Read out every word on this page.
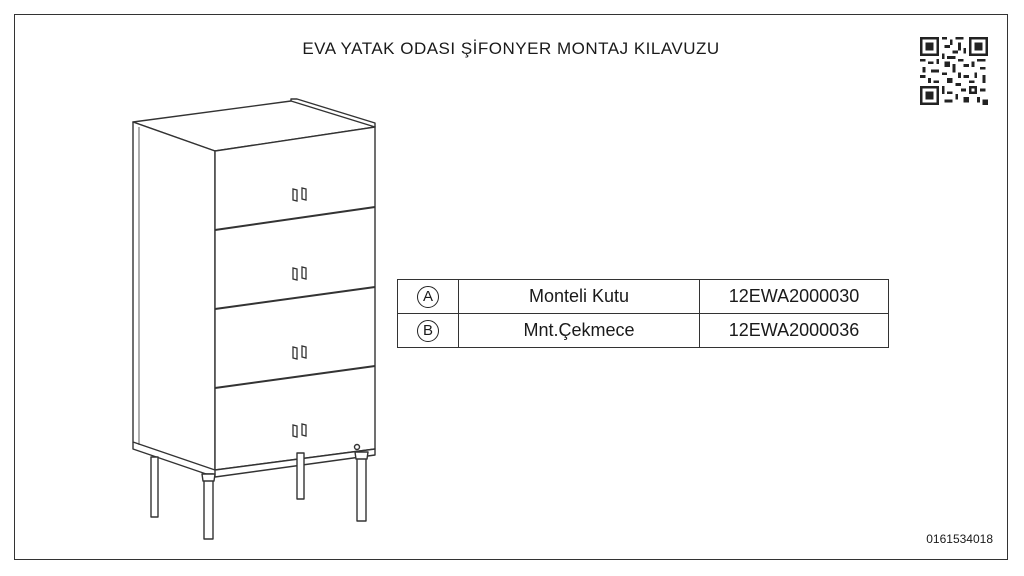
EVA YATAK ODASI ŞİFONYER MONTAJ KILAVUZU
A	Monteli Kutu	12EWA2000030
B	Mnt.Çekmece	12EWA2000036
0161534018
